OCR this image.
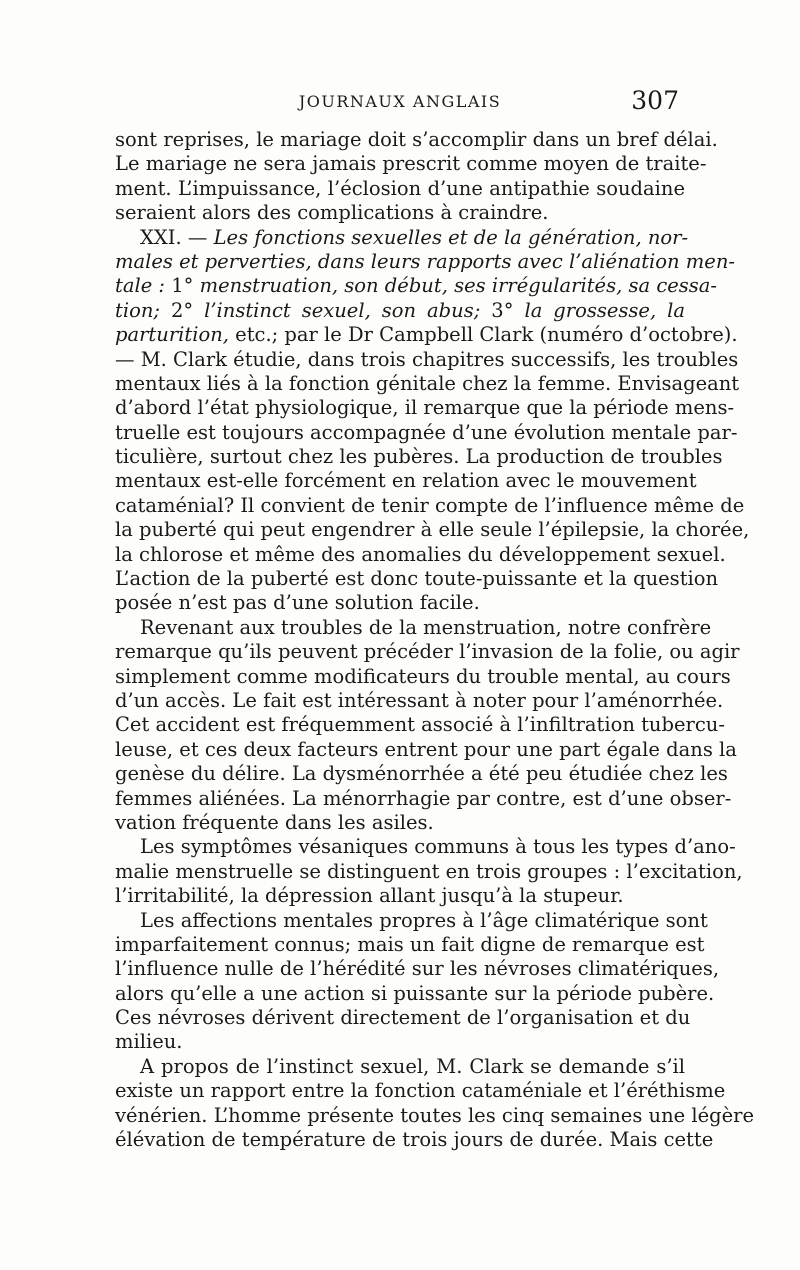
JOURNAUX ANGLAIS	307
sont reprises, le mariage doit s’accomplir dans un bref délai.
Le mariage ne sera jamais prescrit comme moyen de traite-
ment. L’impuissance, l’éclosion d’une antipathie soudaine
seraient alors des complications à craindre.
XXI. — Les fonctions sexuelles et de la génération, nor-
males et perverties, dans leurs rapports avec l’aliénation men-
tale : 1° menstruation, son début, ses irrégularités, sa cessa-
tion; 2° l’instinct sexuel, son abus; 3° la grossesse, la
parturition, etc.; par le Dr Campbell Clark (numéro d’octobre).
— M. Clark étudie, dans trois chapitres successifs, les troubles
mentaux liés à la fonction génitale chez la femme. Envisageant
d’abord l’état physiologique, il remarque que la période mens-
truelle est toujours accompagnée d’une évolution mentale par-
ticulière, surtout chez les pubères. La production de troubles
mentaux est-elle forcément en relation avec le mouvement
cataménial? Il convient de tenir compte de l’influence même de
la puberté qui peut engendrer à elle seule l’épilepsie, la chorée,
la chlorose et même des anomalies du développement sexuel.
L’action de la puberté est donc toute-puissante et la question
posée n’est pas d’une solution facile.
Revenant aux troubles de la menstruation, notre confrère
remarque qu’ils peuvent précéder l’invasion de la folie, ou agir
simplement comme modificateurs du trouble mental, au cours
d’un accès. Le fait est intéressant à noter pour l’aménorrhée.
Cet accident est fréquemment associé à l’infiltration tubercu-
leuse, et ces deux facteurs entrent pour une part égale dans la
genèse du délire. La dysménorrhée a été peu étudiée chez les
femmes aliénées. La ménorrhagie par contre, est d’une obser-
vation fréquente dans les asiles.
Les symptômes vésaniques communs à tous les types d’ano-
malie menstruelle se distinguent en trois groupes : l’excitation,
l’irritabilité, la dépression allant jusqu’à la stupeur.
Les affections mentales propres à l’âge climatérique sont
imparfaitement connus; mais un fait digne de remarque est
l’influence nulle de l’hérédité sur les névroses climatériques,
alors qu’elle a une action si puissante sur la période pubère.
Ces névroses dérivent directement de l’organisation et du
milieu.
A propos de l’instinct sexuel, M. Clark se demande s’il
existe un rapport entre la fonction cataméniale et l’éréthisme
vénérien. L’homme présente toutes les cinq semaines une légère
élévation de température de trois jours de durée. Mais cette
